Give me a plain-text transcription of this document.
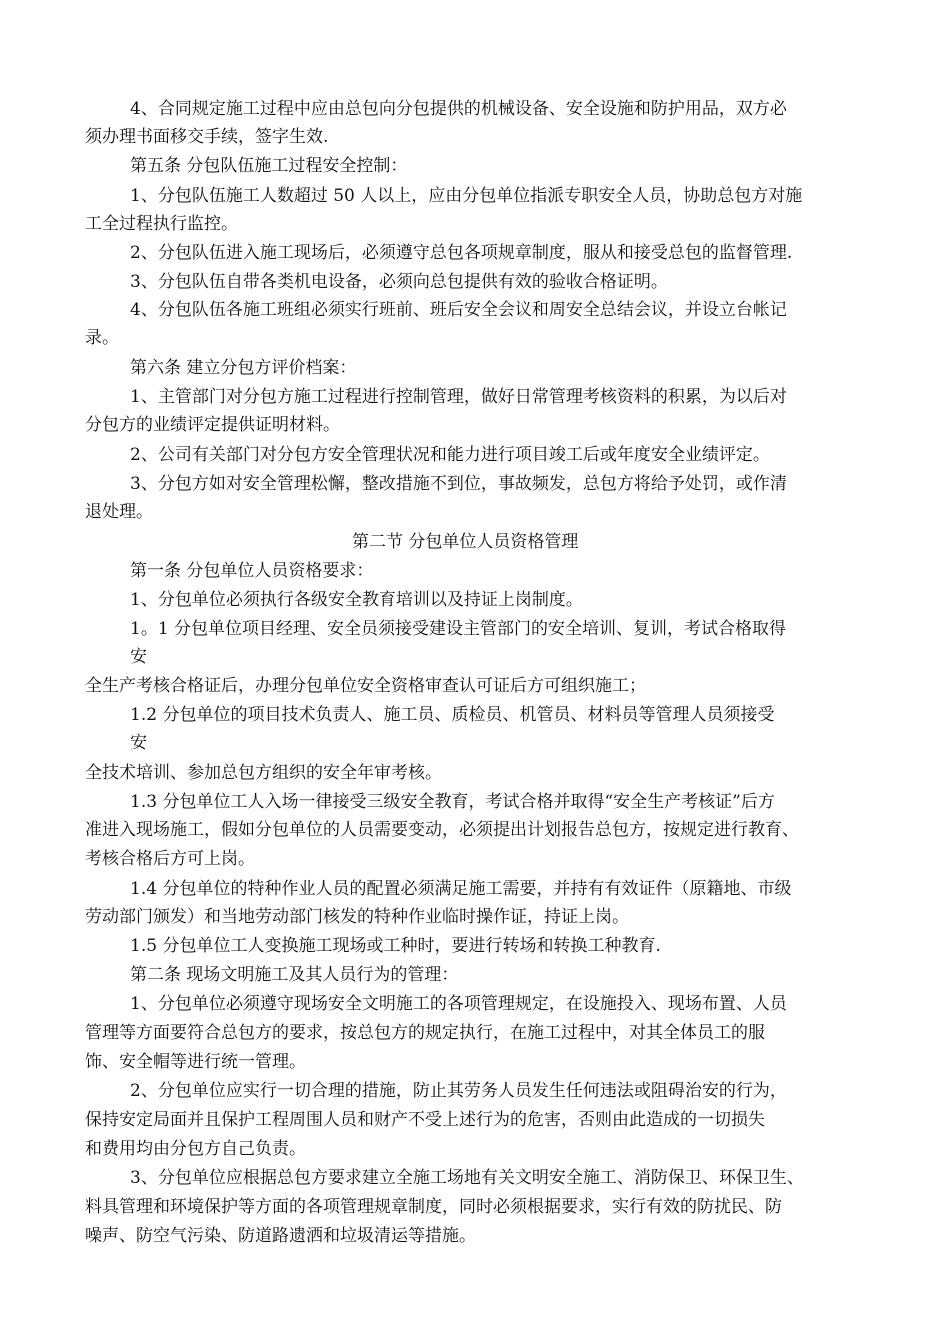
4、合同规定施工过程中应由总包向分包提供的机械设备、安全设施和防护用品，双方必
须办理书面移交手续，签字生效.
第五条 分包队伍施工过程安全控制：
1、分包队伍施工人数超过 50 人以上，应由分包单位指派专职安全人员，协助总包方对施
工全过程执行监控。
2、分包队伍进入施工现场后，必须遵守总包各项规章制度，服从和接受总包的监督管理.
3、分包队伍自带各类机电设备，必须向总包提供有效的验收合格证明。
4、分包队伍各施工班组必须实行班前、班后安全会议和周安全总结会议，并设立台帐记
录。
第六条 建立分包方评价档案：
1、主管部门对分包方施工过程进行控制管理，做好日常管理考核资料的积累，为以后对
分包方的业绩评定提供证明材料。
2、公司有关部门对分包方安全管理状况和能力进行项目竣工后或年度安全业绩评定。
3、分包方如对安全管理松懈，整改措施不到位，事故频发，总包方将给予处罚，或作清
退处理。
第二节 分包单位人员资格管理
第一条 分包单位人员资格要求：
1、分包单位必须执行各级安全教育培训以及持证上岗制度。
1。1 分包单位项目经理、安全员须接受建设主管部门的安全培训、复训，考试合格取得
安
全生产考核合格证后，办理分包单位安全资格审查认可证后方可组织施工；
1.2 分包单位的项目技术负责人、施工员、质检员、机管员、材料员等管理人员须接受
安
全技术培训、参加总包方组织的安全年审考核。
1.3 分包单位工人入场一律接受三级安全教育，考试合格并取得“安全生产考核证”后方
准进入现场施工，假如分包单位的人员需要变动，必须提出计划报告总包方，按规定进行教育、
考核合格后方可上岗。
1.4 分包单位的特种作业人员的配置必须满足施工需要，并持有有效证件（原籍地、市级
劳动部门颁发）和当地劳动部门核发的特种作业临时操作证，持证上岗。
1.5 分包单位工人变换施工现场或工种时，要进行转场和转换工种教育.
第二条 现场文明施工及其人员行为的管理：
1、分包单位必须遵守现场安全文明施工的各项管理规定，在设施投入、现场布置、人员
管理等方面要符合总包方的要求，按总包方的规定执行，在施工过程中，对其全体员工的服
饰、安全帽等进行统一管理。
2、分包单位应实行一切合理的措施，防止其劳务人员发生任何违法或阻碍治安的行为，
保持安定局面并且保护工程周围人员和财产不受上述行为的危害，否则由此造成的一切损失
和费用均由分包方自己负责。
3、分包单位应根据总包方要求建立全施工场地有关文明安全施工、消防保卫、环保卫生、
料具管理和环境保护等方面的各项管理规章制度，同时必须根据要求，实行有效的防扰民、防
噪声、防空气污染、防道路遗洒和垃圾清运等措施。
